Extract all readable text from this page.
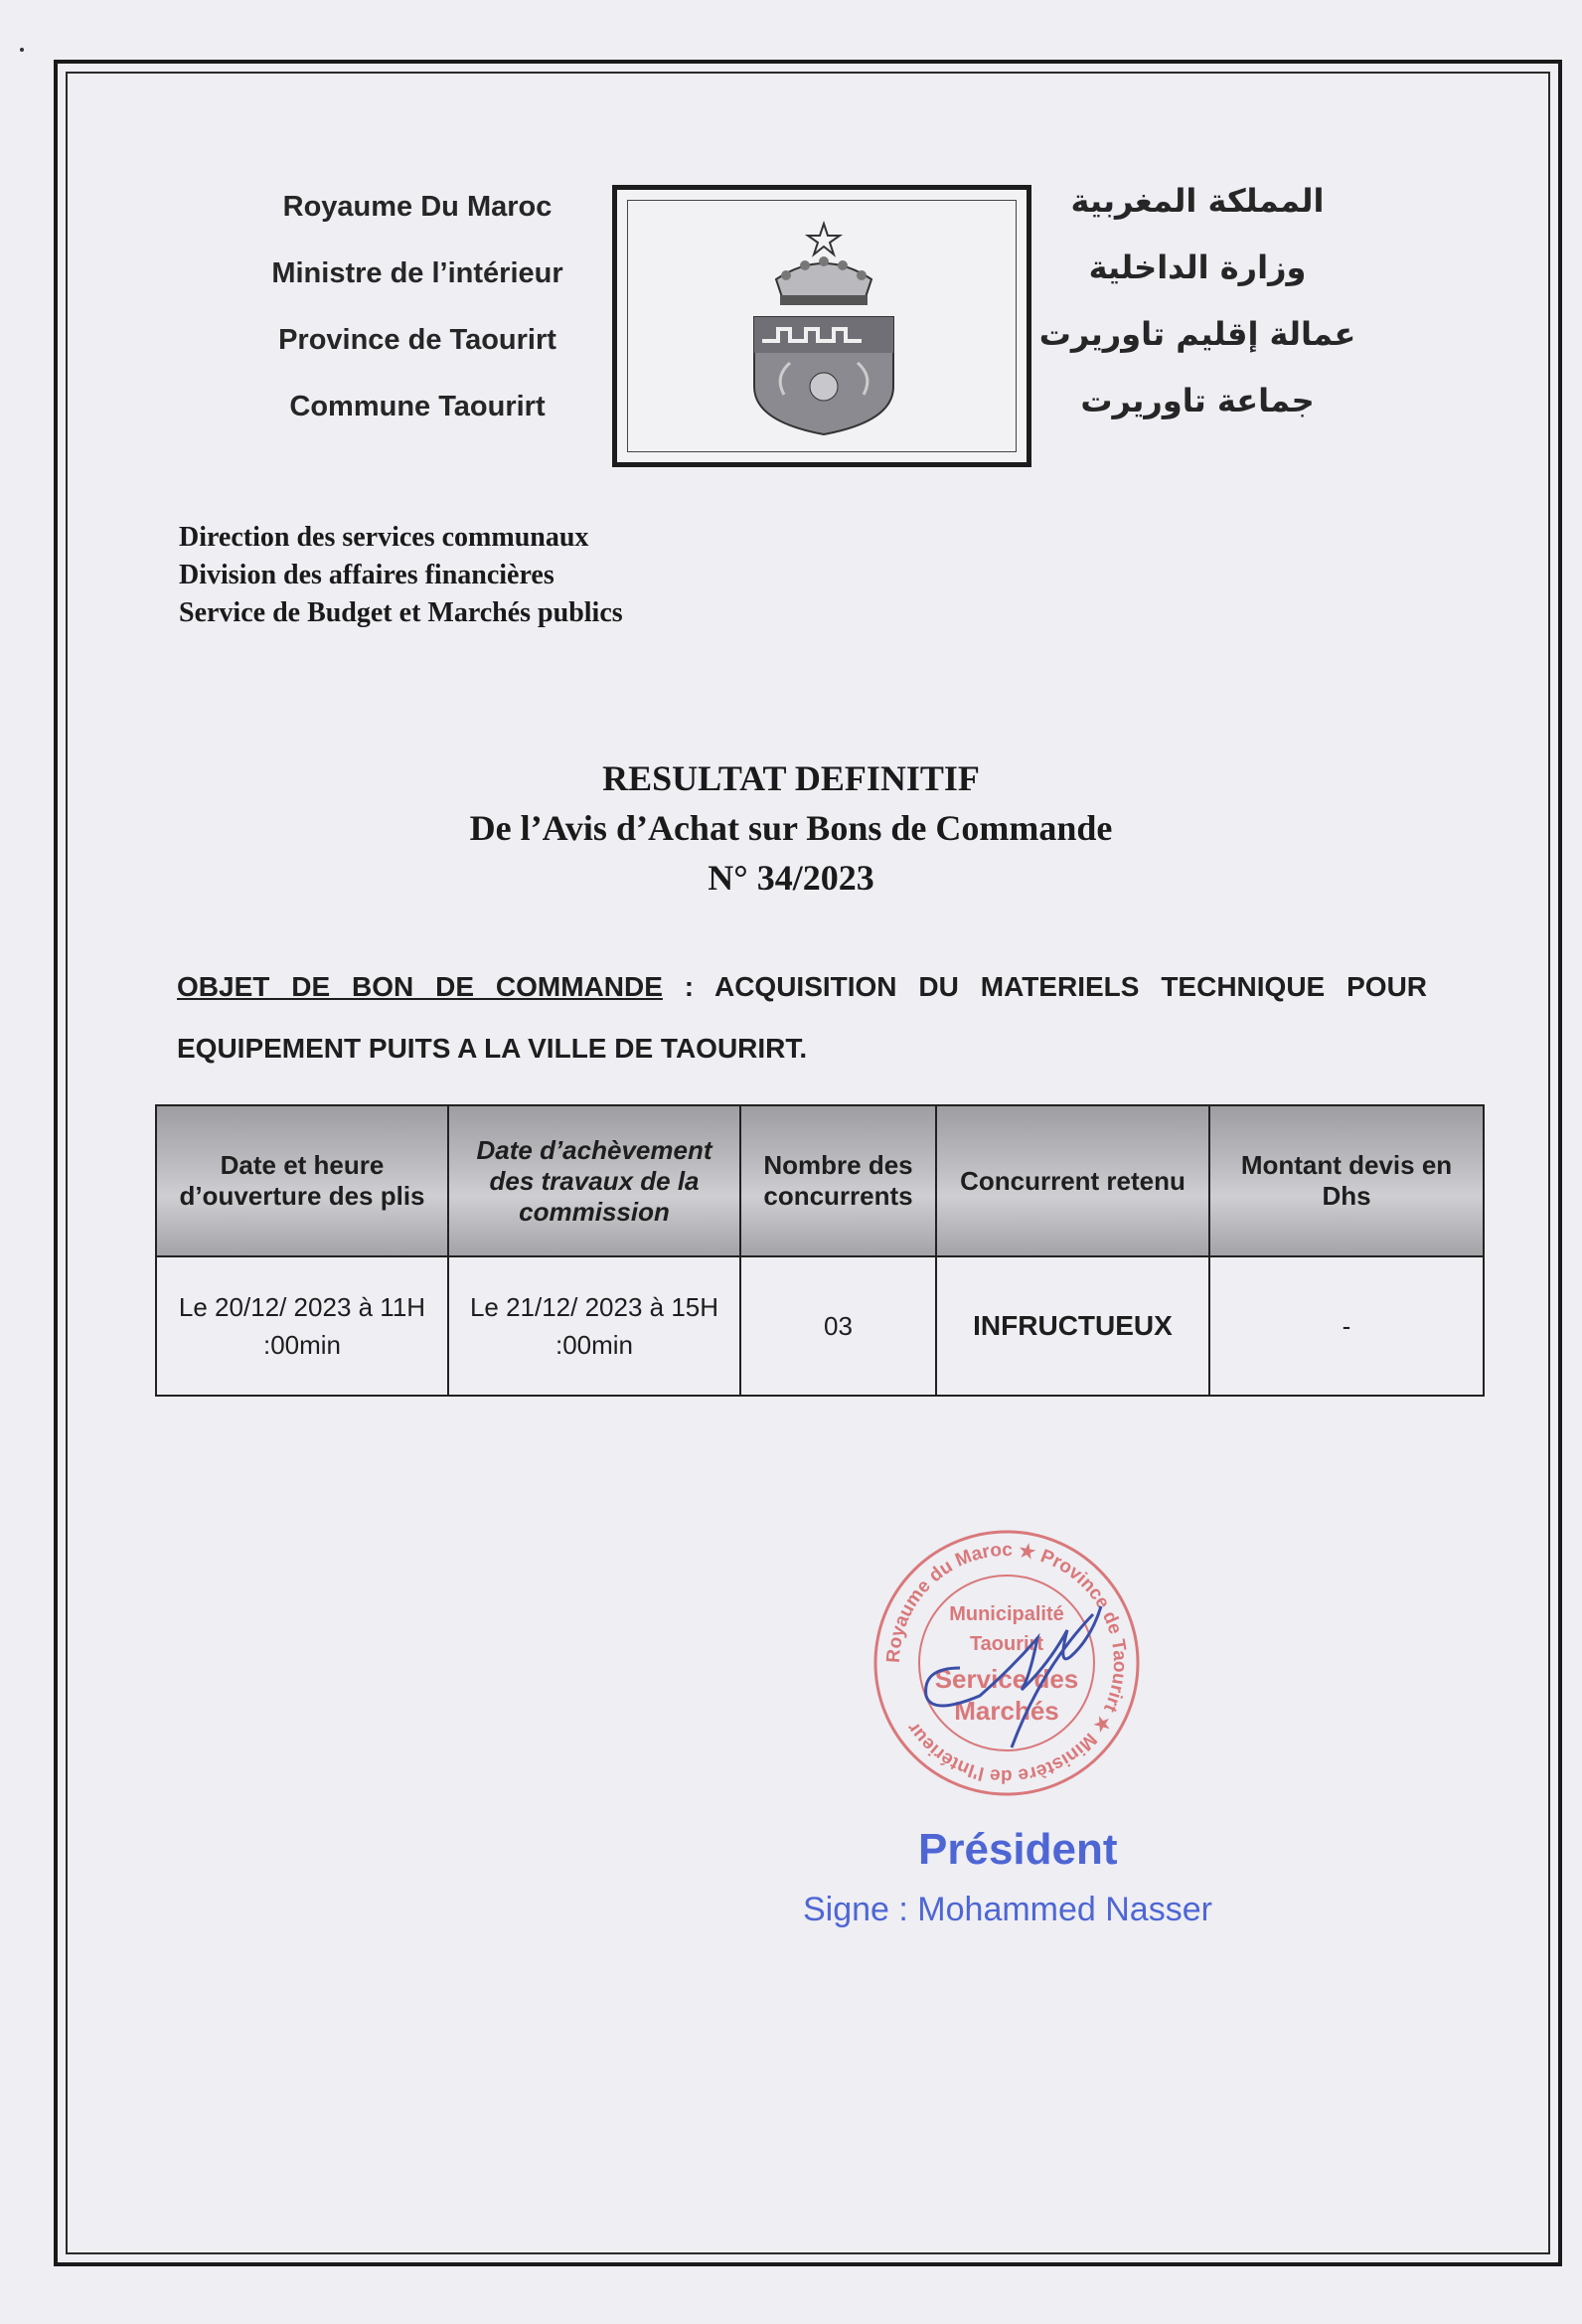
Royaume Du Maroc
Ministre de l’intérieur
Province de Taourirt
Commune Taourirt
المملكة المغربية
وزارة الداخلية
عمالة إقليم تاوريرت
جماعة تاوريرت
Direction des services communaux
Division des affaires financières
Service de Budget et Marchés publics
RESULTAT DEFINITIF
De l’Avis d’Achat sur Bons de Commande
N° 34/2023
OBJET DE BON DE COMMANDE : ACQUISITION DU MATERIELS TECHNIQUE POUR EQUIPEMENT PUITS A LA VILLE DE TAOURIRT.
Date et heure d’ouverture des plis	Date d’achèvement des travaux de la commission	Nombre des concurrents	Concurrent retenu	Montant devis en Dhs
Le 20/12/ 2023 à 11H :00min	Le 21/12/ 2023 à 15H :00min	03	INFRUCTUEUX	-
Royaume du Maroc ★ Province de Taourirt ★ Ministère de l'Intérieur
Municipalité
Taourirt
Service des
Marchés
Président
Signe : Mohammed Nasser
